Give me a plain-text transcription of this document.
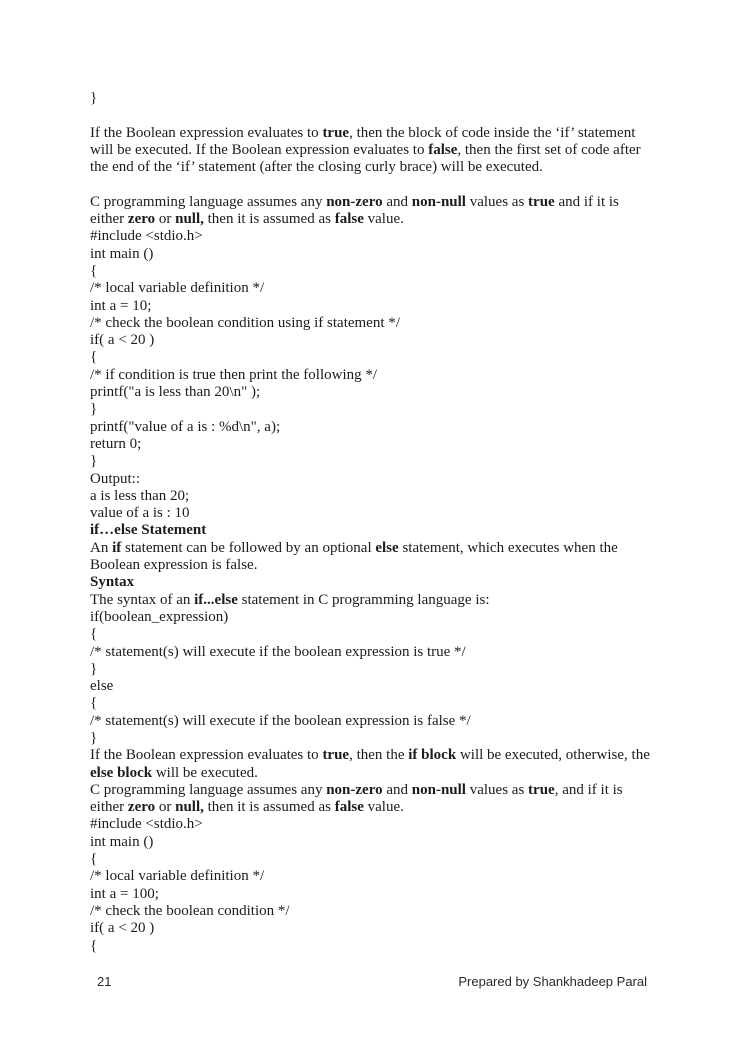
}

If the Boolean expression evaluates to true, then the block of code inside the ‘if’ statement
will be executed. If the Boolean expression evaluates to false, then the first set of code after
the end of the ‘if’ statement (after the closing curly brace) will be executed.

C programming language assumes any non-zero and non-null values as true and if it is
either zero or null, then it is assumed as false value.
#include <stdio.h>
int main ()
{
/* local variable definition */
int a = 10;
/* check the boolean condition using if statement */
if( a < 20 )
{
/* if condition is true then print the following */
printf("a is less than 20\n" );
}
printf("value of a is : %d\n", a);
return 0;
}
Output::
a is less than 20;
value of a is : 10
if…else Statement
An if statement can be followed by an optional else statement, which executes when the
Boolean expression is false.
Syntax
The syntax of an if...else statement in C programming language is:
if(boolean_expression)
{
/* statement(s) will execute if the boolean expression is true */
}
else
{
/* statement(s) will execute if the boolean expression is false */
}
If the Boolean expression evaluates to true, then the if block will be executed, otherwise, the
else block will be executed.
C programming language assumes any non-zero and non-null values as true, and if it is
either zero or null, then it is assumed as false value.
#include <stdio.h>
int main ()
{
/* local variable definition */
int a = 100;
/* check the boolean condition */
if( a < 20 )
{
21	Prepared by Shankhadeep Paral
